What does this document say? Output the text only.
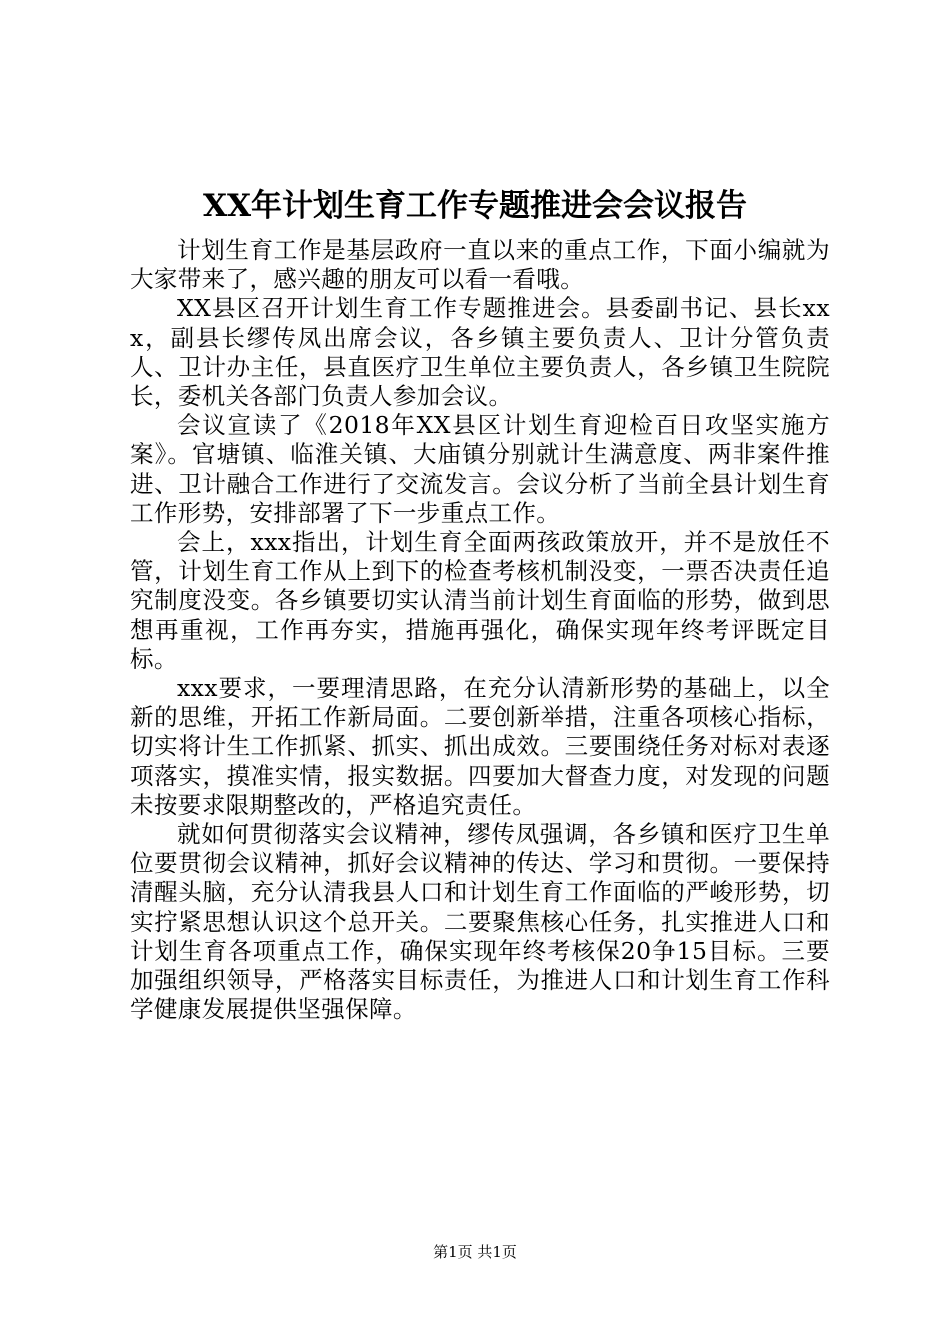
XX年计划生育工作专题推进会会议报告

计划生育工作是基层政府一直以来的重点工作，下面小编就为大家带来了，感兴趣的朋友可以看一看哦。

XX县区召开计划生育工作专题推进会。县委副书记、县长xxx，副县长缪传凤出席会议，各乡镇主要负责人、卫计分管负责人、卫计办主任，县直医疗卫生单位主要负责人，各乡镇卫生院院长，委机关各部门负责人参加会议。

会议宣读了《2018年XX县区计划生育迎检百日攻坚实施方案》。官塘镇、临淮关镇、大庙镇分别就计生满意度、两非案件推进、卫计融合工作进行了交流发言。会议分析了当前全县计划生育工作形势，安排部署了下一步重点工作。

会上，xxx指出，计划生育全面两孩政策放开，并不是放任不管，计划生育工作从上到下的检查考核机制没变，一票否决责任追究制度没变。各乡镇要切实认清当前计划生育面临的形势，做到思想再重视，工作再夯实，措施再强化，确保实现年终考评既定目标。

xxx要求，一要理清思路，在充分认清新形势的基础上，以全新的思维，开拓工作新局面。二要创新举措，注重各项核心指标，切实将计生工作抓紧、抓实、抓出成效。三要围绕任务对标对表逐项落实，摸准实情，报实数据。四要加大督查力度，对发现的问题未按要求限期整改的，严格追究责任。

就如何贯彻落实会议精神，缪传凤强调，各乡镇和医疗卫生单位要贯彻会议精神，抓好会议精神的传达、学习和贯彻。一要保持清醒头脑，充分认清我县人口和计划生育工作面临的严峻形势，切实拧紧思想认识这个总开关。二要聚焦核心任务，扎实推进人口和计划生育各项重点工作，确保实现年终考核保20争15目标。三要加强组织领导，严格落实目标责任，为推进人口和计划生育工作科学健康发展提供坚强保障。

第1页 共1页
